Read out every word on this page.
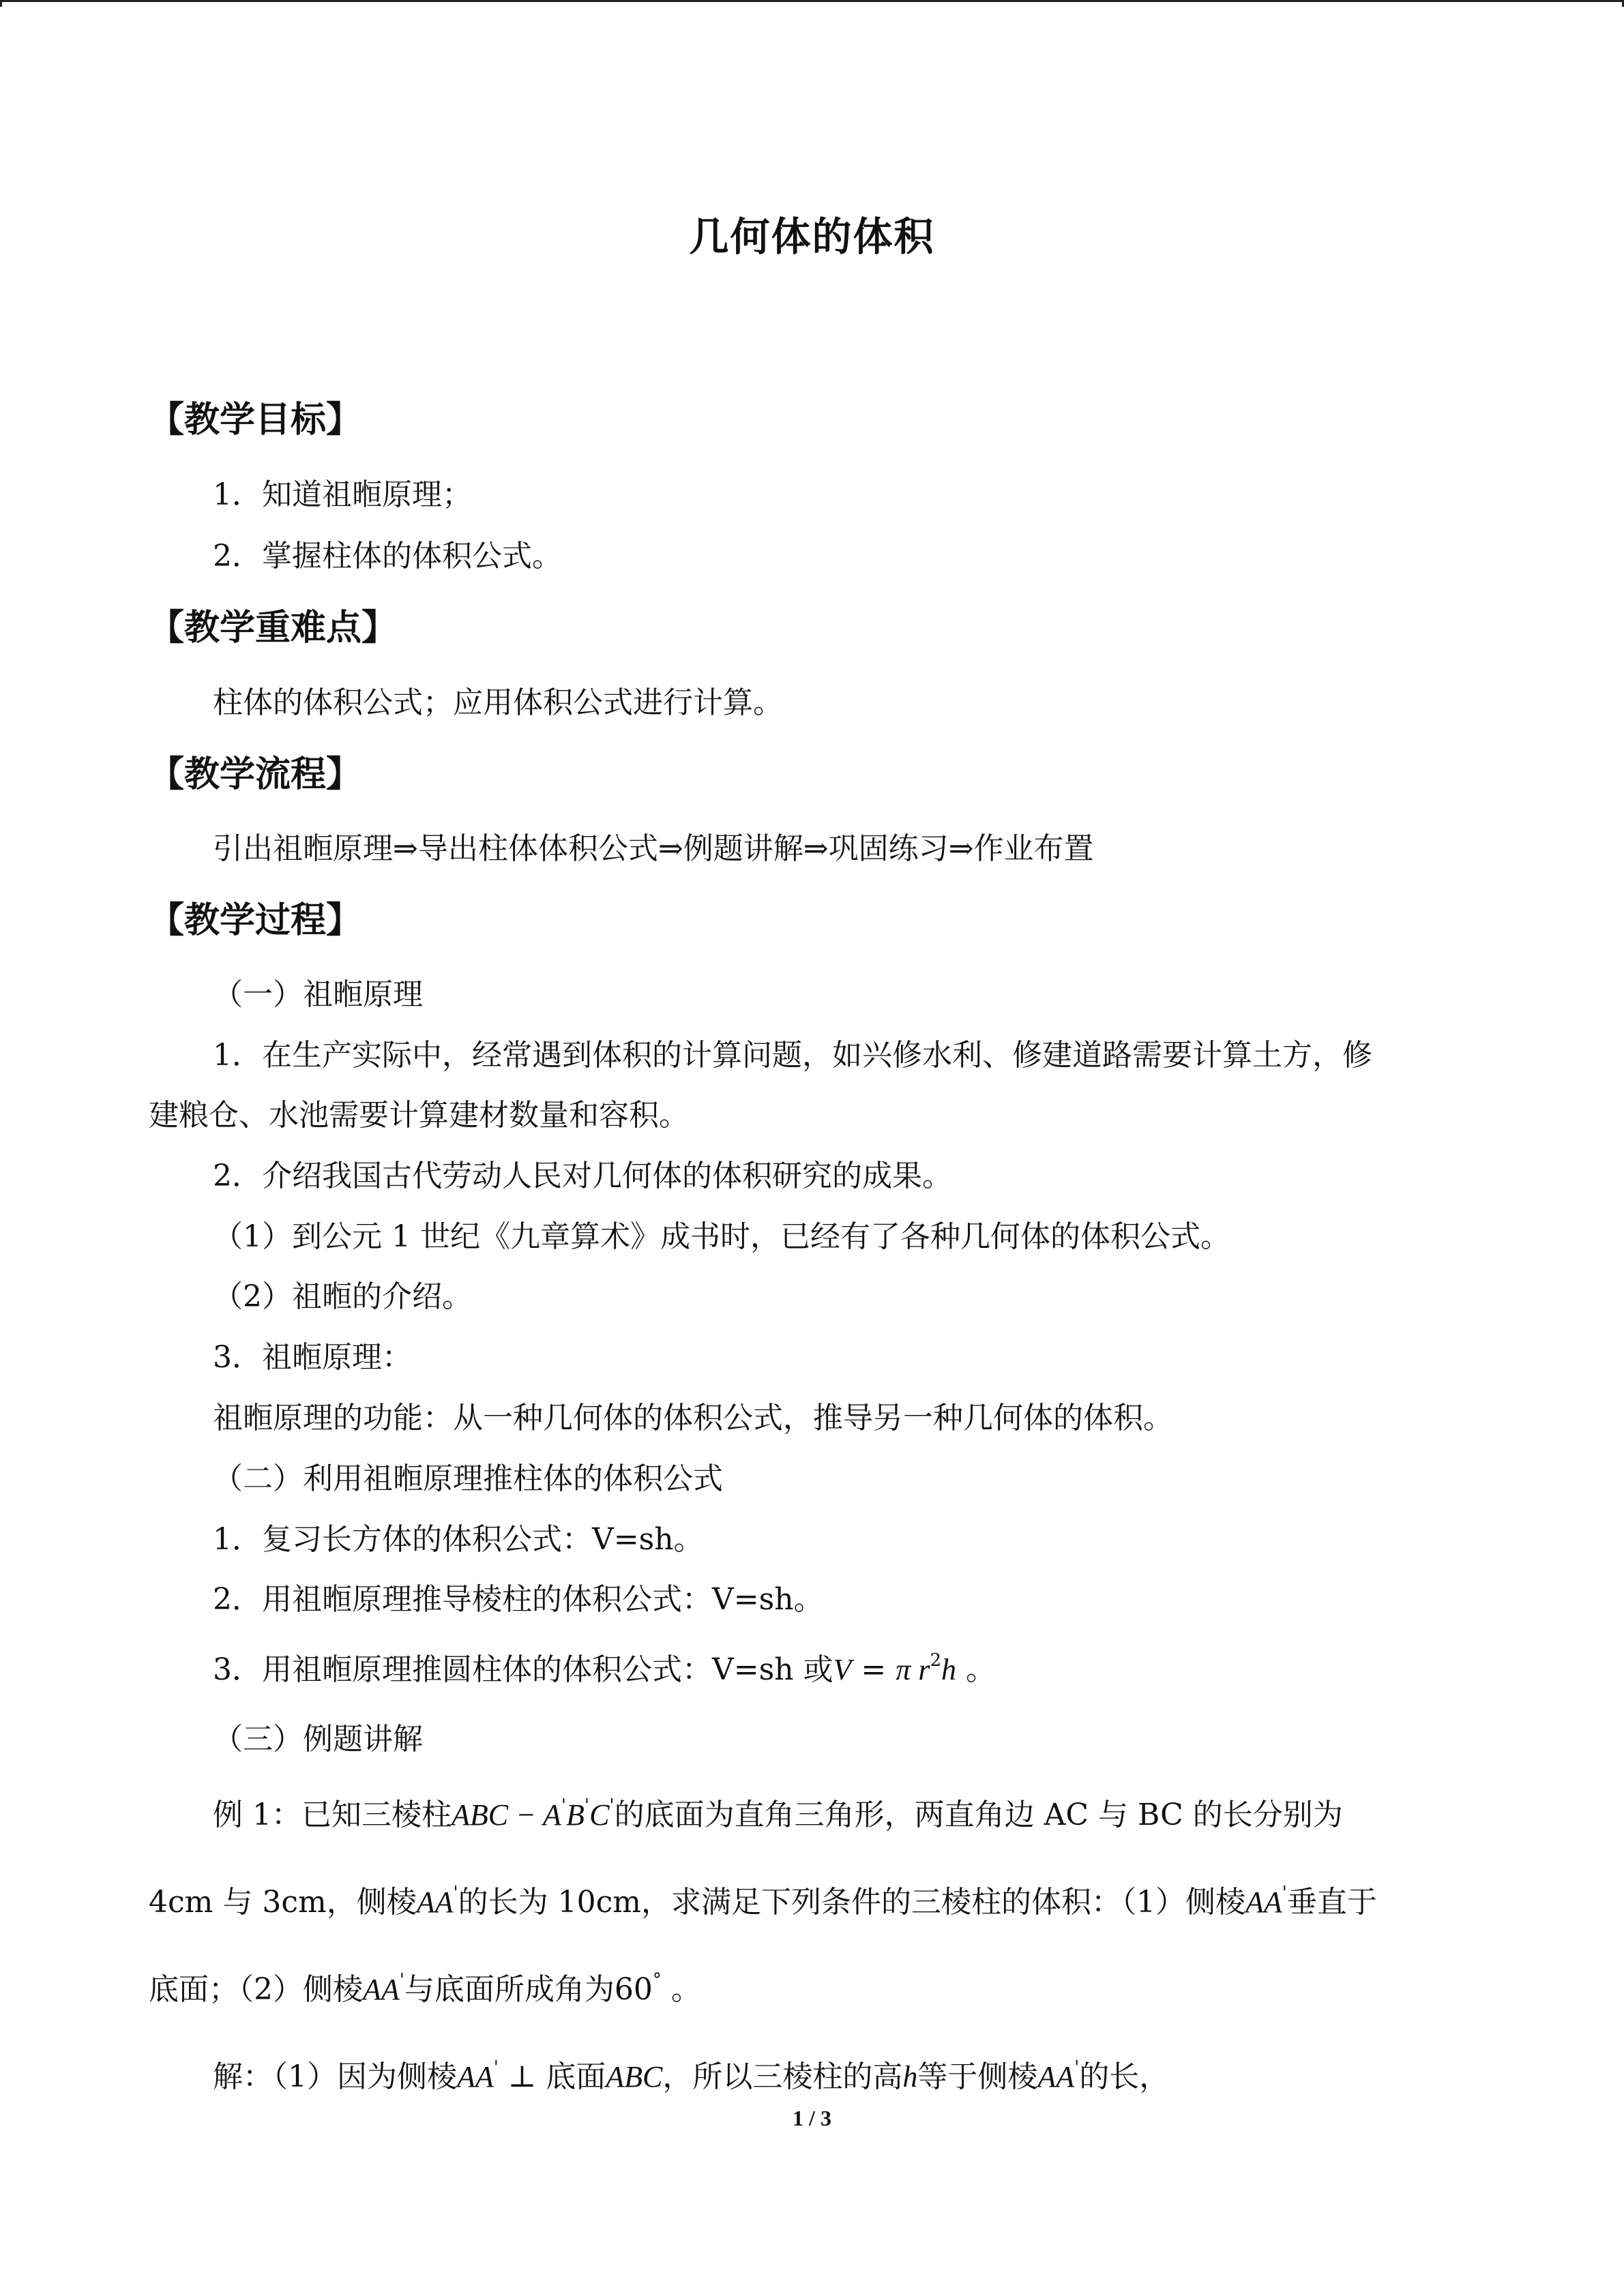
几何体的体积
【教学目标】
1．知道祖暅原理；
2．掌握柱体的体积公式。
【教学重难点】
柱体的体积公式；应用体积公式进行计算。
【教学流程】
引出祖暅原理⇒导出柱体体积公式⇒例题讲解⇒巩固练习⇒作业布置
【教学过程】
（一）祖暅原理
1．在生产实际中，经常遇到体积的计算问题，如兴修水利、修建道路需要计算土方，修
建粮仓、水池需要计算建材数量和容积。
2．介绍我国古代劳动人民对几何体的体积研究的成果。
（1）到公元 1 世纪《九章算术》成书时，已经有了各种几何体的体积公式。
（2）祖暅的介绍。
3．祖暅原理：
祖暅原理的功能：从一种几何体的体积公式，推导另一种几何体的体积。
（二）利用祖暅原理推柱体的体积公式
1．复习长方体的体积公式：V=sh。
2．用祖暅原理推导棱柱的体积公式：V=sh。
3．用祖暅原理推圆柱体的体积公式：V=sh 或V = π $r^2h$ 。
（三）例题讲解
例 1：已知三棱柱ABC − A'B'C'的底面为直角三角形，两直角边 AC 与 BC 的长分别为
4cm 与 3cm，侧棱AA'的长为 10cm，求满足下列条件的三棱柱的体积：（1）侧棱AA'垂直于
底面；（2）侧棱AA'与底面所成角为60° 。
解：（1）因为侧棱AA' ⊥ 底面ABC，所以三棱柱的高h等于侧棱AA'的长，
1 / 3
